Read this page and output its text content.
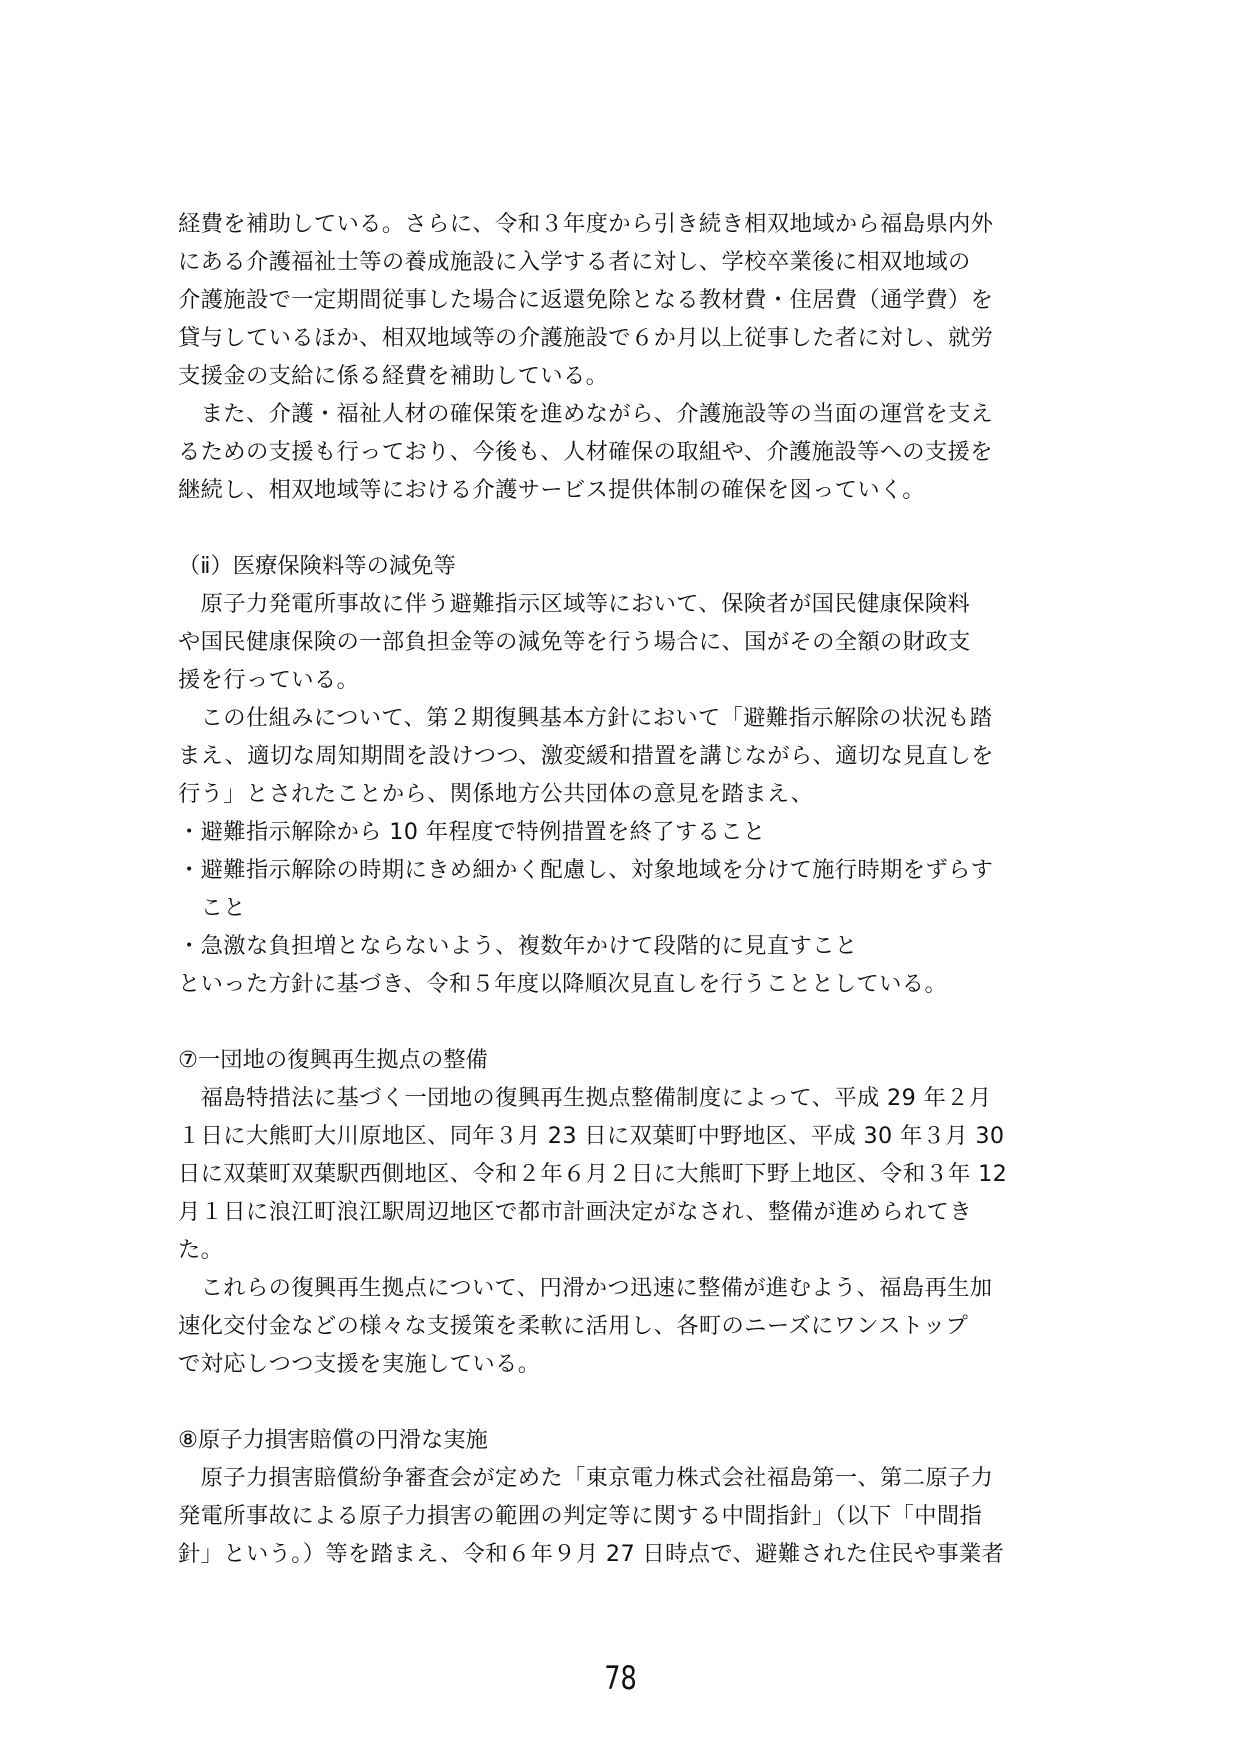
経費を補助している。さらに、令和３年度から引き続き相双地域から福島県内外
にある介護福祉士等の養成施設に入学する者に対し、学校卒業後に相双地域の
介護施設で一定期間従事した場合に返還免除となる教材費・住居費（通学費）を
貸与しているほか、相双地域等の介護施設で６か月以上従事した者に対し、就労
支援金の支給に係る経費を補助している。
　また、介護・福祉人材の確保策を進めながら、介護施設等の当面の運営を支え
るための支援も行っており、今後も、人材確保の取組や、介護施設等への支援を
継続し、相双地域等における介護サービス提供体制の確保を図っていく。
（ⅱ）医療保険料等の減免等
　原子力発電所事故に伴う避難指示区域等において、保険者が国民健康保険料
や国民健康保険の一部負担金等の減免等を行う場合に、国がその全額の財政支
援を行っている。
　この仕組みについて、第２期復興基本方針において「避難指示解除の状況も踏
まえ、適切な周知期間を設けつつ、激変緩和措置を講じながら、適切な見直しを
行う」とされたことから、関係地方公共団体の意見を踏まえ、
・避難指示解除から 10 年程度で特例措置を終了すること
・避難指示解除の時期にきめ細かく配慮し、対象地域を分けて施行時期をずらす
　こと
・急激な負担増とならないよう、複数年かけて段階的に見直すこと
といった方針に基づき、令和５年度以降順次見直しを行うこととしている。
⑦一団地の復興再生拠点の整備
　福島特措法に基づく一団地の復興再生拠点整備制度によって、平成 29 年２月
１日に大熊町大川原地区、同年３月 23 日に双葉町中野地区、平成 30 年３月 30
日に双葉町双葉駅西側地区、令和２年６月２日に大熊町下野上地区、令和３年 12
月１日に浪江町浪江駅周辺地区で都市計画決定がなされ、整備が進められてき
た。
　これらの復興再生拠点について、円滑かつ迅速に整備が進むよう、福島再生加
速化交付金などの様々な支援策を柔軟に活用し、各町のニーズにワンストップ
で対応しつつ支援を実施している。
⑧原子力損害賠償の円滑な実施
　原子力損害賠償紛争審査会が定めた「東京電力株式会社福島第一、第二原子力
発電所事故による原子力損害の範囲の判定等に関する中間指針」（以下「中間指
針」という。）等を踏まえ、令和６年９月 27 日時点で、避難された住民や事業者
78
